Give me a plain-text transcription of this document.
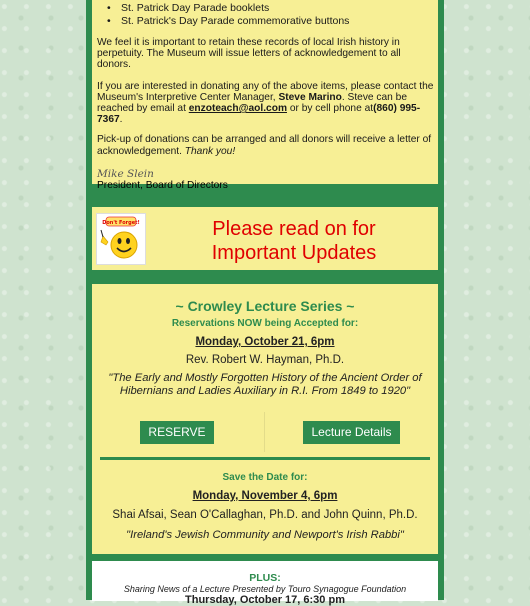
• St. Patrick Day Parade booklets
• St. Patrick's Day Parade commemorative buttons

We feel it is important to retain these records of local Irish history in perpetuity. The Museum will issue letters of acknowledgement to all donors.

If you are interested in donating any of the above items, please contact the Museum's Interpretive Center Manager, Steve Marino. Steve can be reached by email at enzoteach@aol.com or by cell phone at(860) 995-7367.

Pick-up of donations can be arranged and all donors will receive a letter of acknowledgement. Thank you!

Mike Slein
President, Board of Directors
Don't Forget!	Please read on for
Important Updates
~ Crowley Lecture Series ~
Reservations NOW being Accepted for:
Monday, October 21, 6pm
Rev. Robert W. Hayman, Ph.D.
"The Early and Mostly Forgotten History of the Ancient Order of Hibernians and Ladies Auxiliary in R.I. From 1849 to 1920"
RESERVE	Lecture Details
Save the Date for:
Monday, November 4, 6pm
Shai Afsai, Sean O'Callaghan, Ph.D. and John Quinn, Ph.D.
"Ireland's Jewish Community and Newport's Irish Rabbi"
PLUS:
Sharing News of a Lecture Presented by Touro Synagogue Foundation
Thursday, October 17, 6:30 pm
